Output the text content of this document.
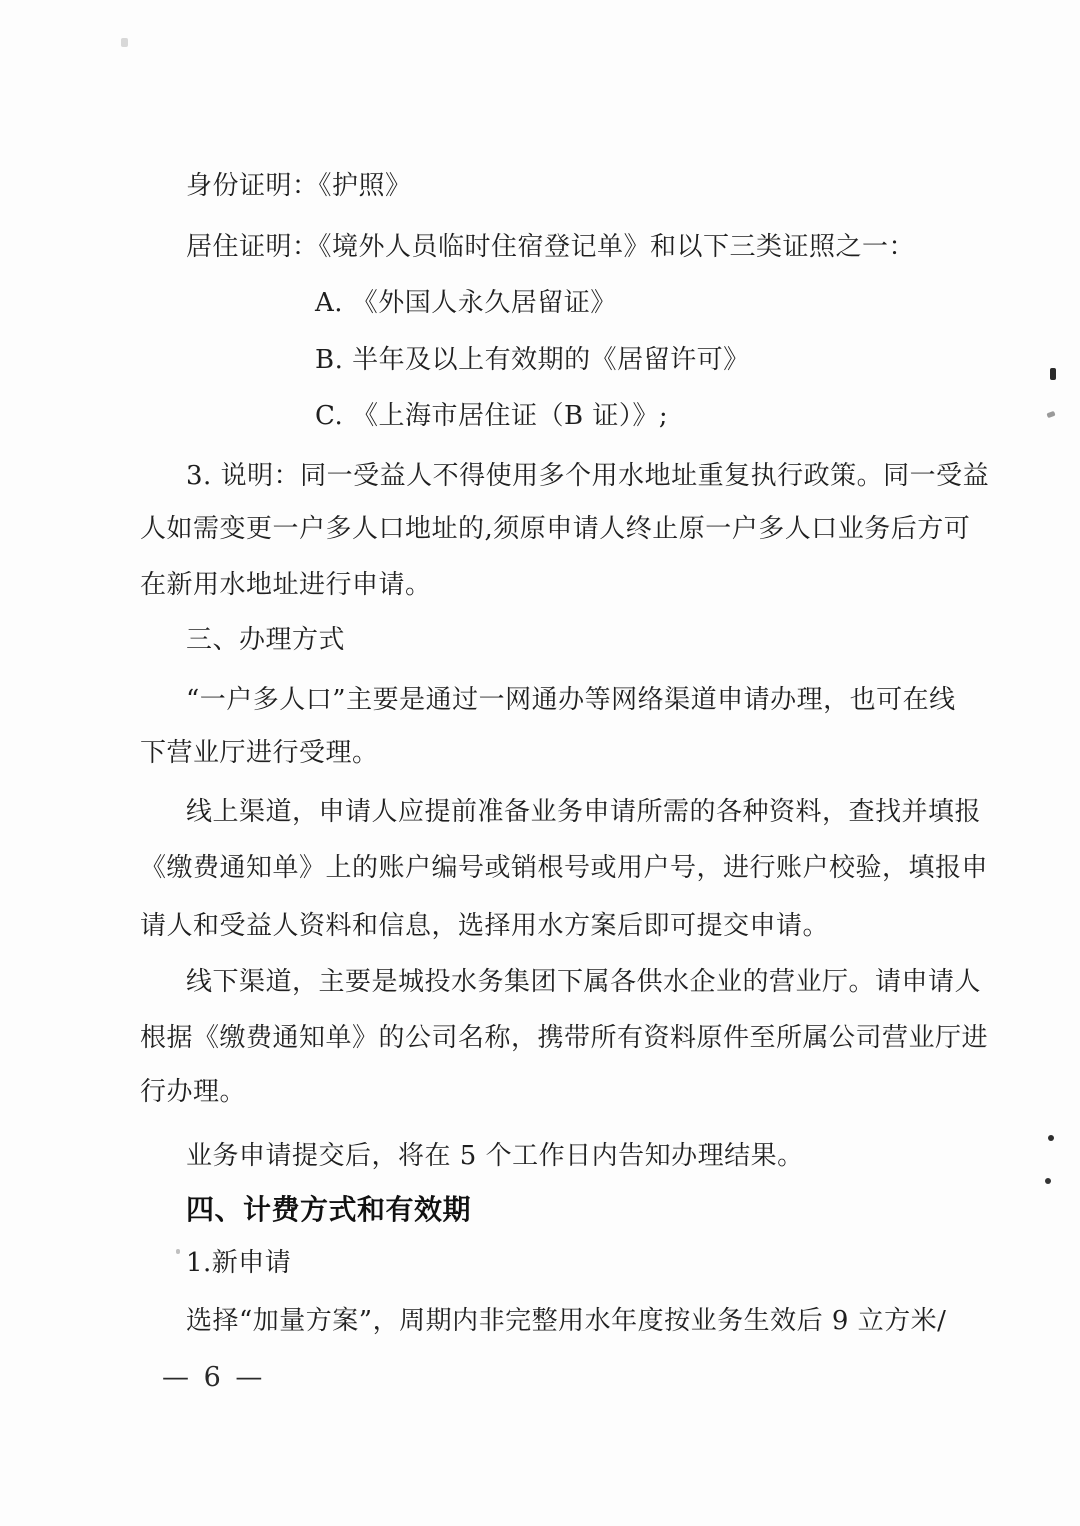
身份证明：《护照》
居住证明：《境外人员临时住宿登记单》和以下三类证照之一：
A. 《外国人永久居留证》
B. 半年及以上有效期的《居留许可》
C. 《上海市居住证（B 证）》;
3. 说明：同一受益人不得使用多个用水地址重复执行政策。同一受益
人如需变更一户多人口地址的,须原申请人终止原一户多人口业务后方可
在新用水地址进行申请。
三、办理方式
“一户多人口”主要是通过一网通办等网络渠道申请办理，也可在线
下营业厅进行受理。
线上渠道，申请人应提前准备业务申请所需的各种资料，查找并填报
《缴费通知单》上的账户编号或销根号或用户号，进行账户校验，填报申
请人和受益人资料和信息，选择用水方案后即可提交申请。
线下渠道，主要是城投水务集团下属各供水企业的营业厅。请申请人
根据《缴费通知单》的公司名称，携带所有资料原件至所属公司营业厅进
行办理。
业务申请提交后，将在 5 个工作日内告知办理结果。
四、计费方式和有效期
1.新申请
选择“加量方案”，周期内非完整用水年度按业务生效后 9 立方米/
— 6 —
